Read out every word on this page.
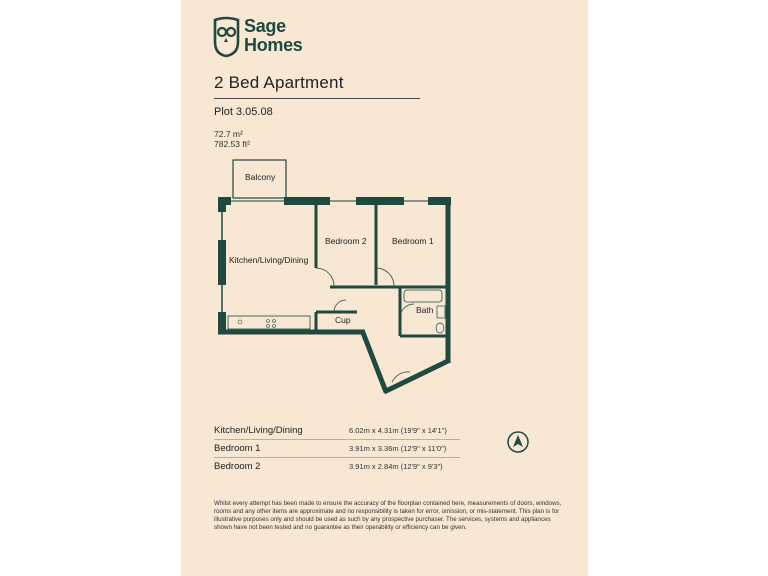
Sage
Homes
2 Bed Apartment
Plot 3.05.08
72.7 m²
782.53 ft²
Balcony
Kitchen/Living/Dining
Bedroom 2	Bedroom 1
Bath
Cup
Kitchen/Living/Dining	6.02m x 4.31m (19'9" x 14'1")
Bedroom 1	3.91m x 3.36m (12'9" x 11'0")
Bedroom 2	3.91m x 2.84m (12'9" x 9'3")
Whilst every attempt has been made to ensure the accuracy of the floorplan contained here, measurements of doors, windows, rooms and any other items are approximate and no responsibility is taken for error, omission, or mis-statement. This plan is for illustrative purposes only and should be used as such by any prospective purchaser. The services, systems and appliances shown have not been tested and no guarantee as their operability or efficiency can be given.
